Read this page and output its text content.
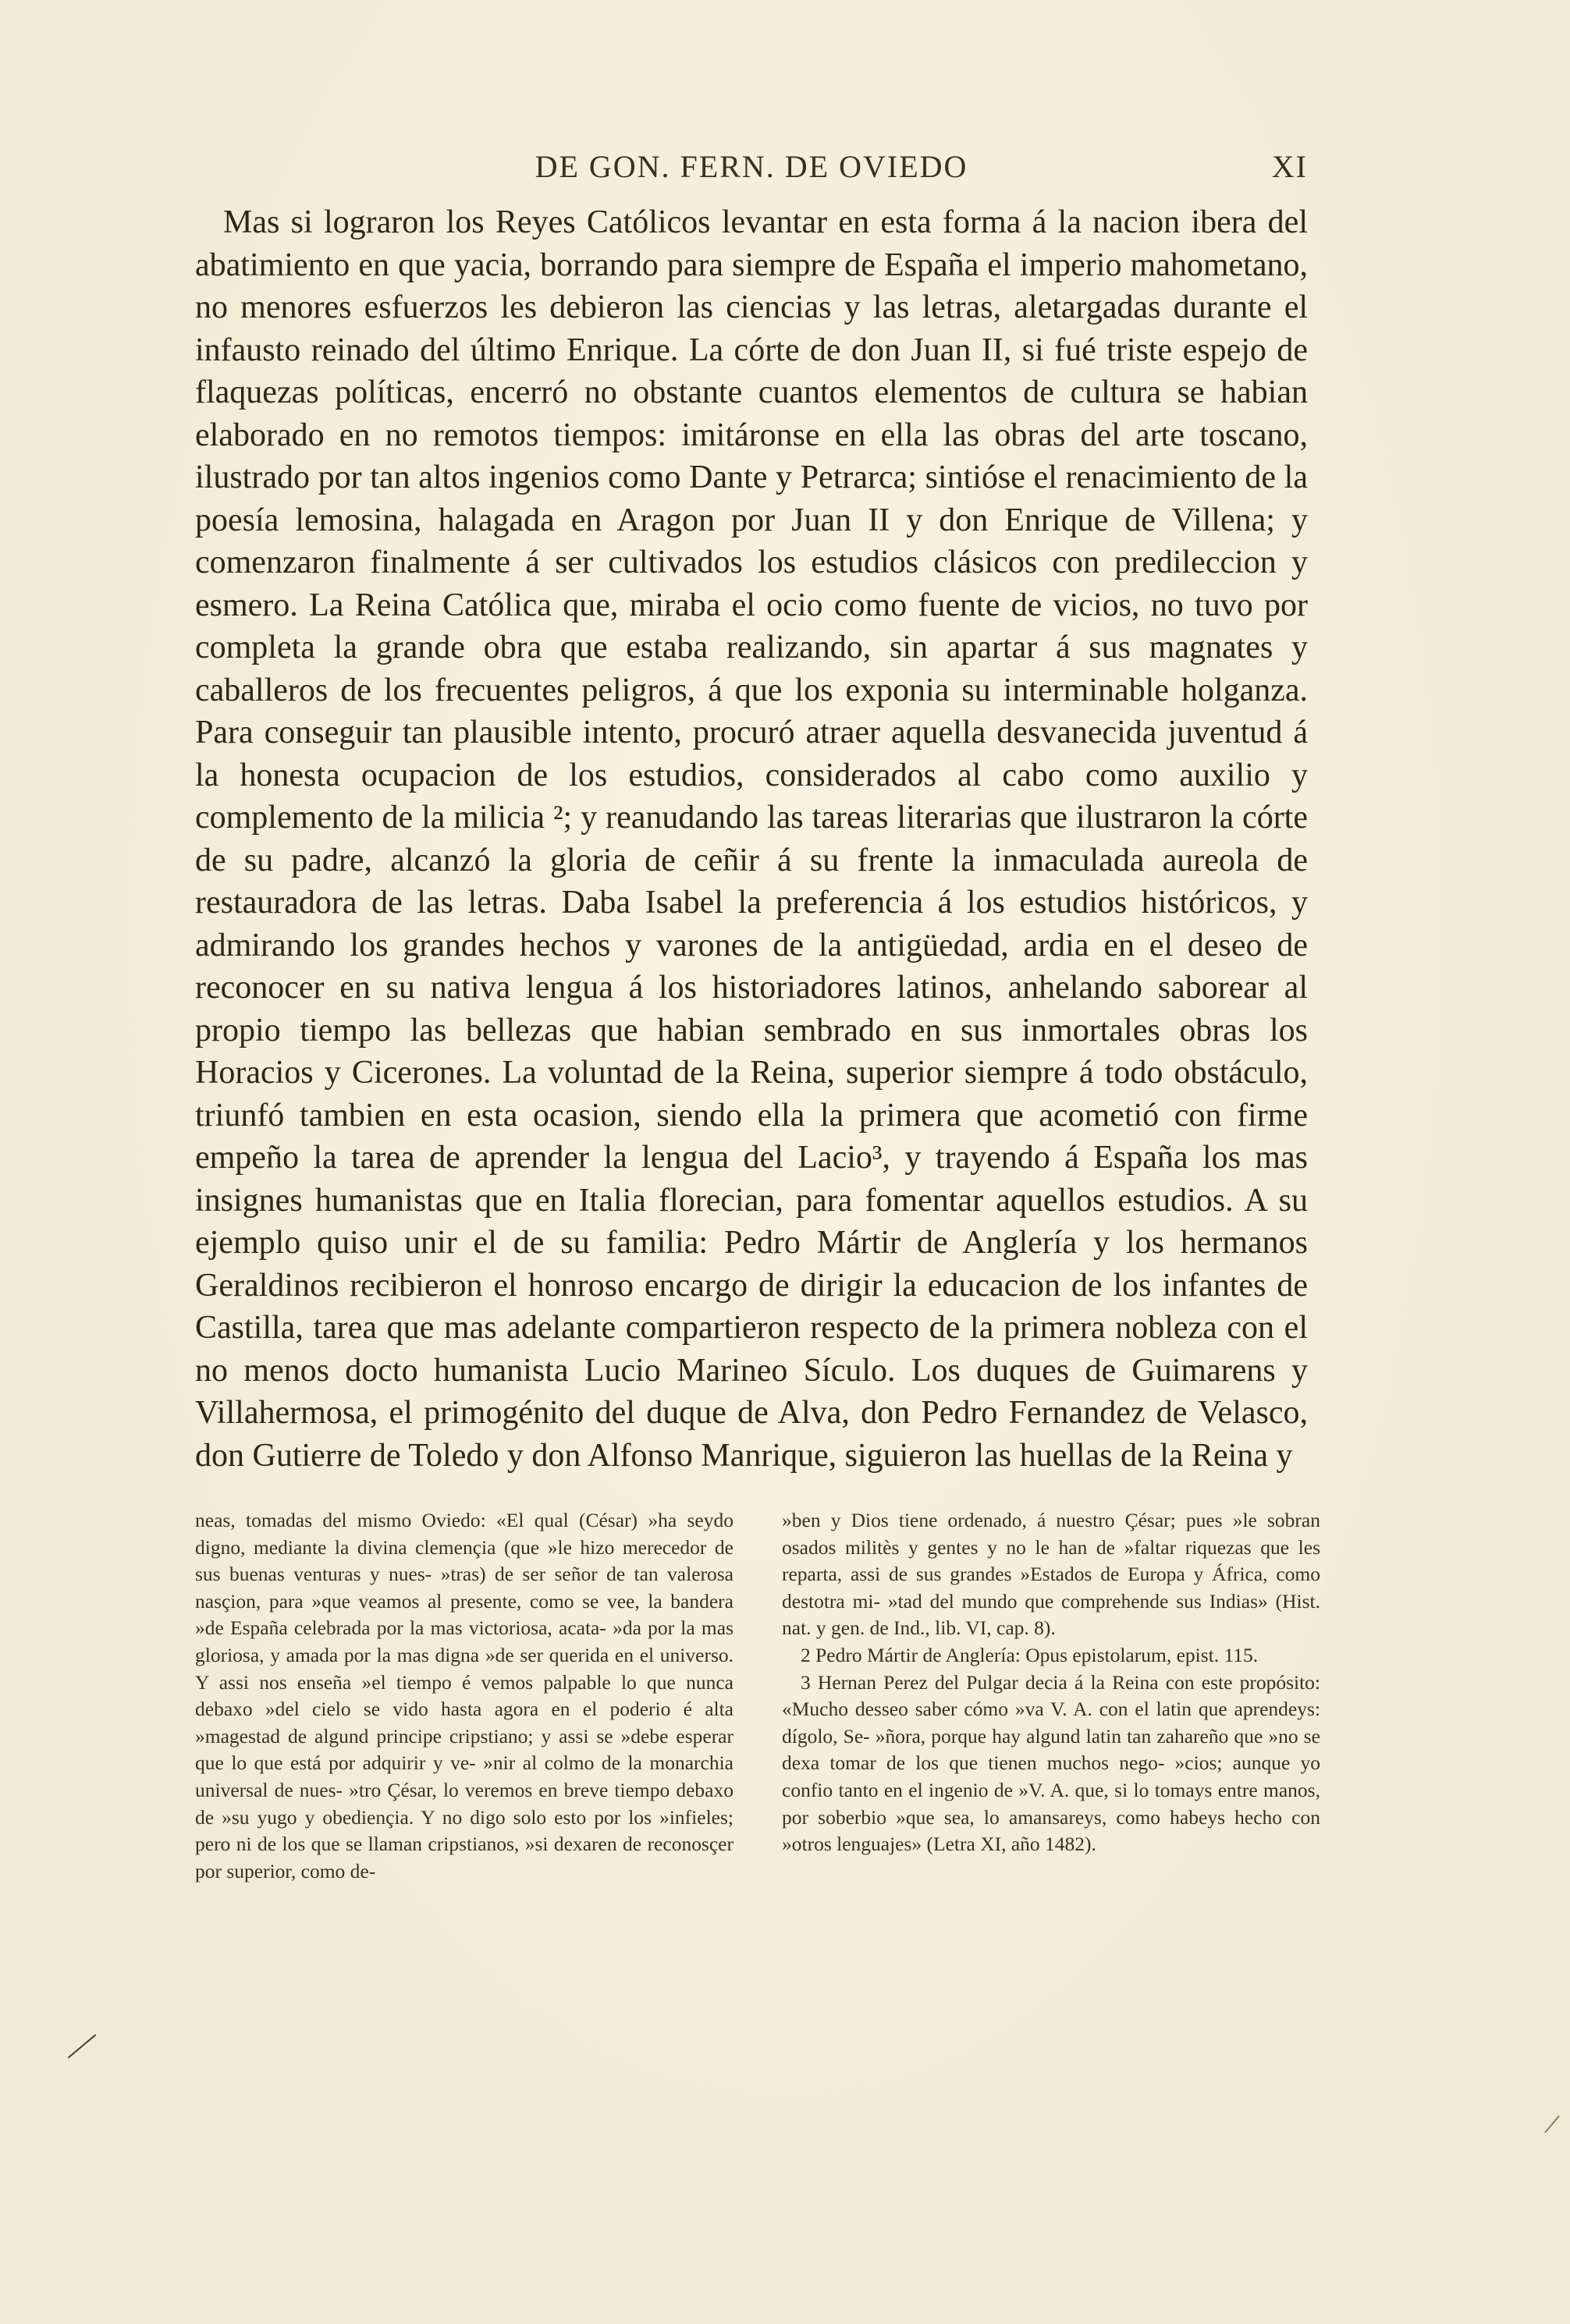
DE GON. FERN. DE OVIEDO	XI

Mas si lograron los Reyes Católicos levantar en esta forma á la nacion ibera del abatimiento en que yacia, borrando para siempre de España el imperio mahometano, no menores esfuerzos les debieron las ciencias y las letras, aletargadas durante el infausto reinado del último Enrique. La córte de don Juan II, si fué triste espejo de flaquezas políticas, encerró no obstante cuantos elementos de cultura se habian elaborado en no remotos tiempos: imitáronse en ella las obras del arte toscano, ilustrado por tan altos ingenios como Dante y Petrarca; sintióse el renacimiento de la poesía lemosina, halagada en Aragon por Juan II y don Enrique de Villena; y comenzaron finalmente á ser cultivados los estudios clásicos con predileccion y esmero. La Reina Católica que, miraba el ocio como fuente de vicios, no tuvo por completa la grande obra que estaba realizando, sin apartar á sus magnates y caballeros de los frecuentes peligros, á que los exponia su interminable holganza. Para conseguir tan plausible intento, procuró atraer aquella desvanecida juventud á la honesta ocupacion de los estudios, considerados al cabo como auxilio y complemento de la milicia ²; y reanudando las tareas literarias que ilustraron la córte de su padre, alcanzó la gloria de ceñir á su frente la inmaculada aureola de restauradora de las letras. Daba Isabel la preferencia á los estudios históricos, y admirando los grandes hechos y varones de la antigüedad, ardia en el deseo de reconocer en su nativa lengua á los historiadores latinos, anhelando saborear al propio tiempo las bellezas que habian sembrado en sus inmortales obras los Horacios y Cicerones. La voluntad de la Reina, superior siempre á todo obstáculo, triunfó tambien en esta ocasion, siendo ella la primera que acometió con firme empeño la tarea de aprender la lengua del Lacio³, y trayendo á España los mas insignes humanistas que en Italia florecian, para fomentar aquellos estudios. A su ejemplo quiso unir el de su familia: Pedro Mártir de Anglería y los hermanos Geraldinos recibieron el honroso encargo de dirigir la educacion de los infantes de Castilla, tarea que mas adelante compartieron respecto de la primera nobleza con el no menos docto humanista Lucio Marineo Sículo. Los duques de Guimarens y Villahermosa, el primogénito del duque de Alva, don Pedro Fernandez de Velasco, don Gutierre de Toledo y don Alfonso Manrique, siguieron las huellas de la Reina y

neas, tomadas del mismo Oviedo: «El qual (César) »ha seydo digno, mediante la divina clemençia (que »le hizo merecedor de sus buenas venturas y nues- »tras) de ser señor de tan valerosa nasçion, para »que veamos al presente, como se vee, la bandera »de España celebrada por la mas victoriosa, acata- »da por la mas gloriosa, y amada por la mas digna »de ser querida en el universo. Y assi nos enseña »el tiempo é vemos palpable lo que nunca debaxo »del cielo se vido hasta agora en el poderio é alta »magestad de algund principe cripstiano; y assi se »debe esperar que lo que está por adquirir y ve- »nir al colmo de la monarchia universal de nues- »tro Çésar, lo veremos en breve tiempo debaxo de »su yugo y obediençia. Y no digo solo esto por los »infieles; pero ni de los que se llaman cripstianos, »si dexaren de reconosçer por superior, como de-

»ben y Dios tiene ordenado, á nuestro Çésar; pues »le sobran osados militès y gentes y no le han de »faltar riquezas que les reparta, assi de sus grandes »Estados de Europa y África, como destotra mi- »tad del mundo que comprehende sus Indias» (Hist. nat. y gen. de Ind., lib. VI, cap. 8).

2 Pedro Mártir de Anglería: Opus epistolarum, epist. 115.

3 Hernan Perez del Pulgar decia á la Reina con este propósito: «Mucho desseo saber cómo »va V. A. con el latin que aprendeys: dígolo, Se- »ñora, porque hay algund latin tan zahareño que »no se dexa tomar de los que tienen muchos nego- »cios; aunque yo confio tanto en el ingenio de »V. A. que, si lo tomays entre manos, por soberbio »que sea, lo amansareys, como habeys hecho con »otros lenguajes» (Letra XI, año 1482).
